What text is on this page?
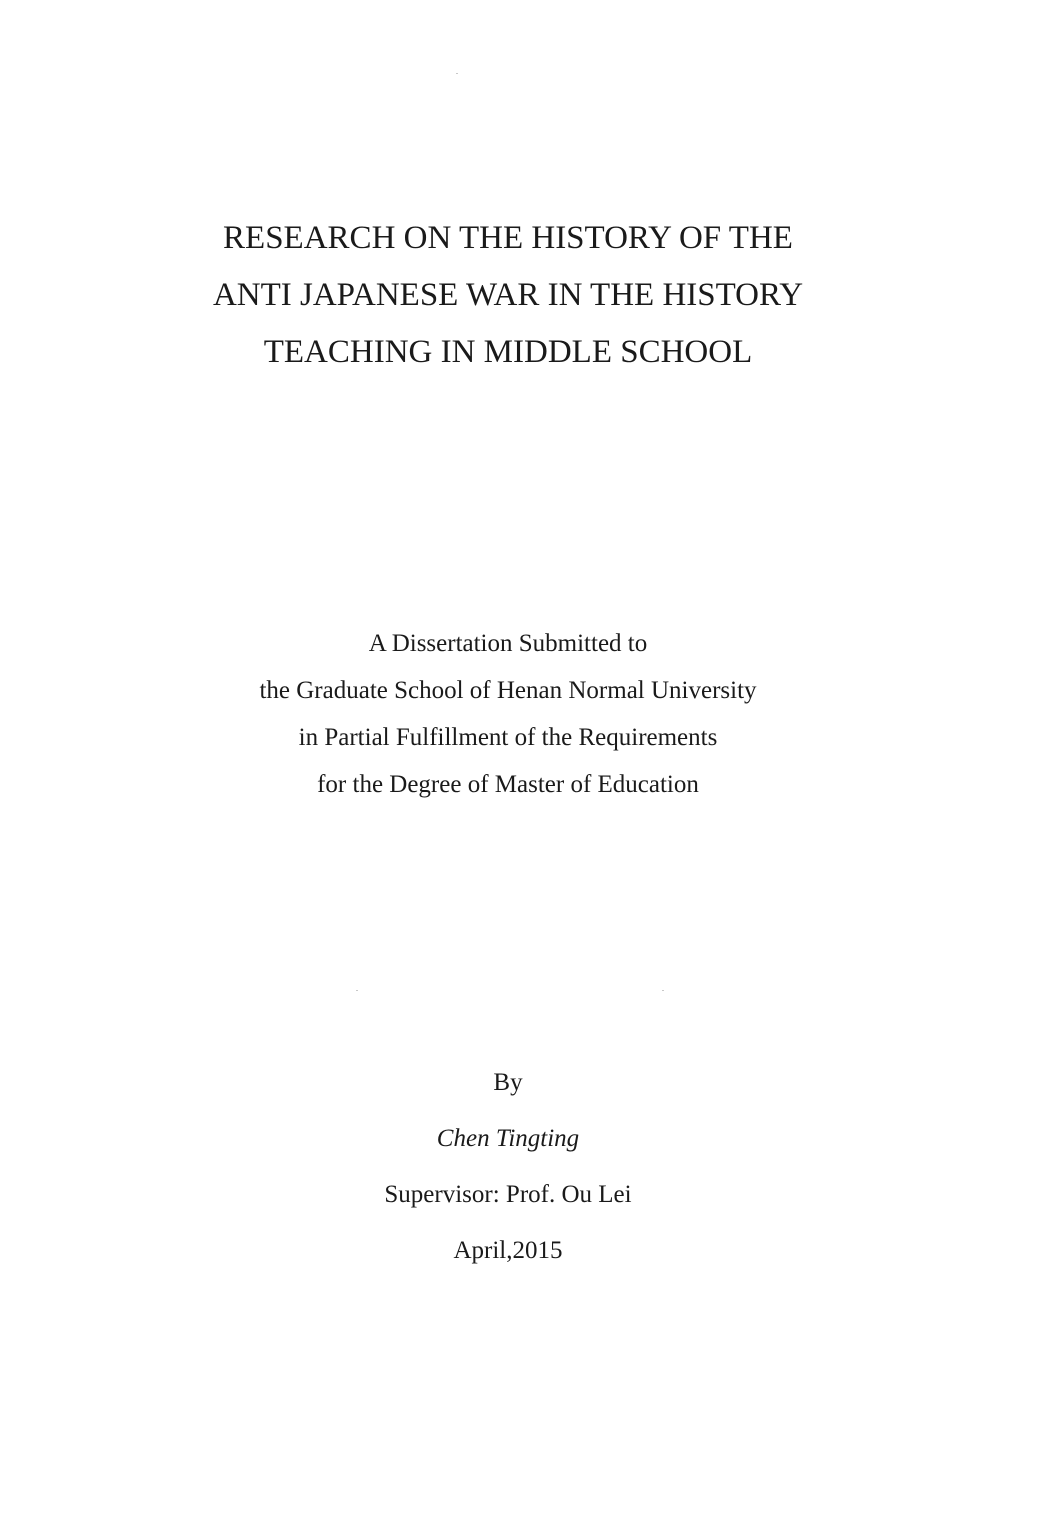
RESEARCH ON THE HISTORY OF THE
ANTI JAPANESE WAR IN THE HISTORY
TEACHING IN MIDDLE SCHOOL
A Dissertation Submitted to
the Graduate School of Henan Normal University
in Partial Fulfillment of the Requirements
for the Degree of Master of Education
By
Chen Tingting
Supervisor: Prof. Ou Lei
April,2015
